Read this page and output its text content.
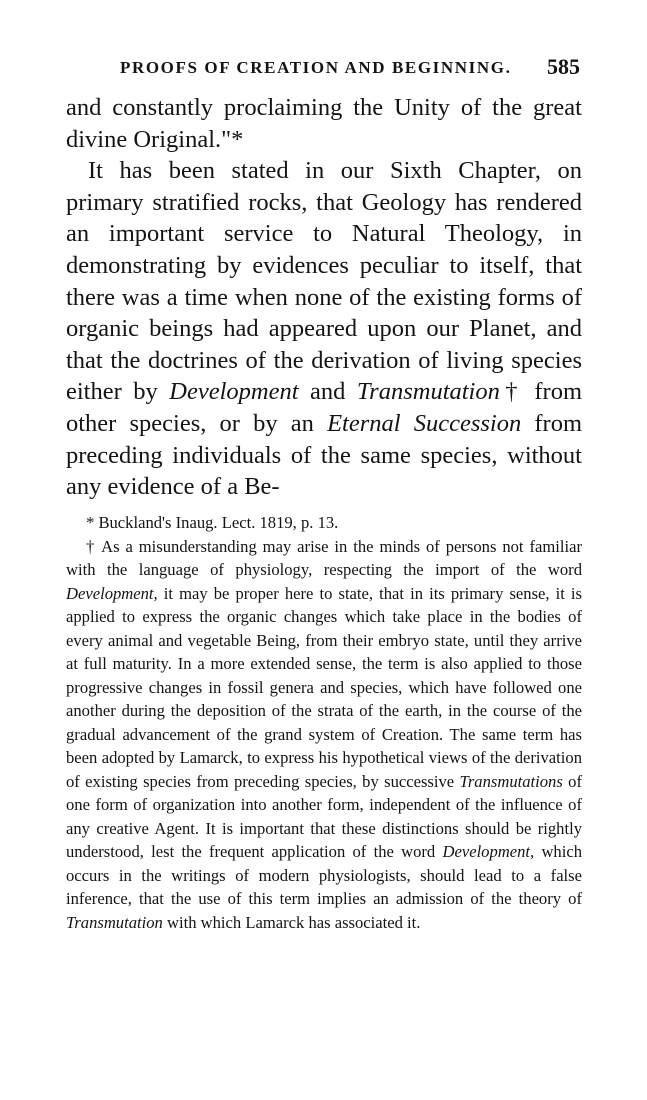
PROOFS OF CREATION AND BEGINNING. 585

and constantly proclaiming the Unity of the great divine Original."*

It has been stated in our Sixth Chapter, on primary stratified rocks, that Geology has rendered an important service to Natural Theology, in demonstrating by evidences peculiar to itself, that there was a time when none of the existing forms of organic beings had appeared upon our Planet, and that the doctrines of the derivation of living species either by Development and Transmutation† from other species, or by an Eternal Succession from preceding individuals of the same species, without any evidence of a Be-

* Buckland's Inaug. Lect. 1819, p. 13.

† As a misunderstanding may arise in the minds of persons not familiar with the language of physiology, respecting the import of the word Development, it may be proper here to state, that in its primary sense, it is applied to express the organic changes which take place in the bodies of every animal and vegetable Being, from their embryo state, until they arrive at full maturity. In a more extended sense, the term is also applied to those progressive changes in fossil genera and species, which have followed one another during the deposition of the strata of the earth, in the course of the gradual advancement of the grand system of Creation. The same term has been adopted by Lamarck, to express his hypothetical views of the derivation of existing species from preceding species, by successive Transmutations of one form of organization into another form, independent of the influence of any creative Agent. It is important that these distinctions should be rightly understood, lest the frequent application of the word Development, which occurs in the writings of modern physiologists, should lead to a false inference, that the use of this term implies an admission of the theory of Transmutation with which Lamarck has associated it.
